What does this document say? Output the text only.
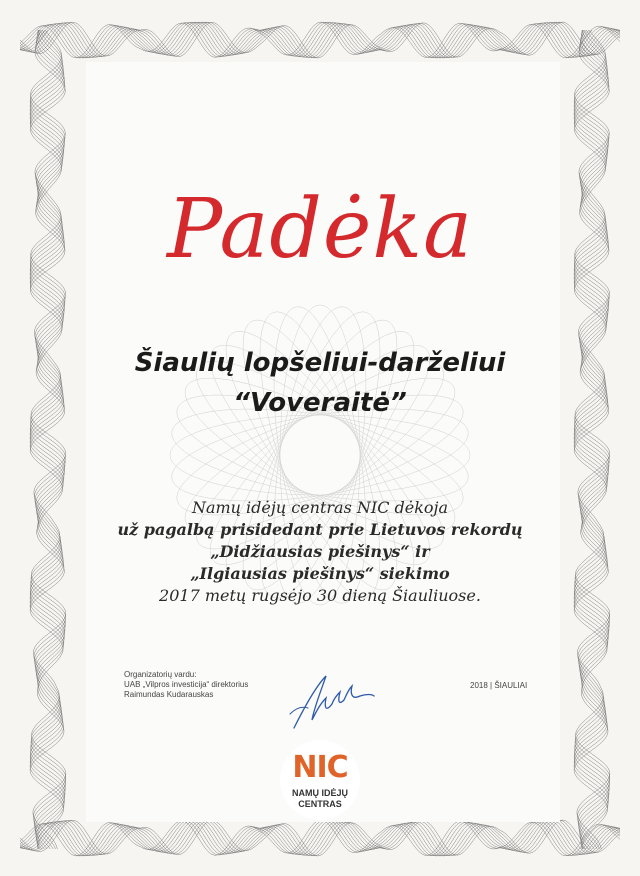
Padėka
Šiaulių lopšeliui-darželiui
“Voveraitė”
Namų idėjų centras NIC dėkoja
už pagalbą prisidedant prie Lietuvos rekordų
„Didžiausias piešinys“ ir
„Ilgiausias piešinys“ siekimo
2017 metų rugsėjo 30 dieną Šiauliuose.
Organizatorių vardu:
UAB „Vilpros investicija“ direktorius
Raimundas Kudarauskas
2018 | ŠIAULIAI
NIC
NAMŲ IDĖJŲ
CENTRAS
